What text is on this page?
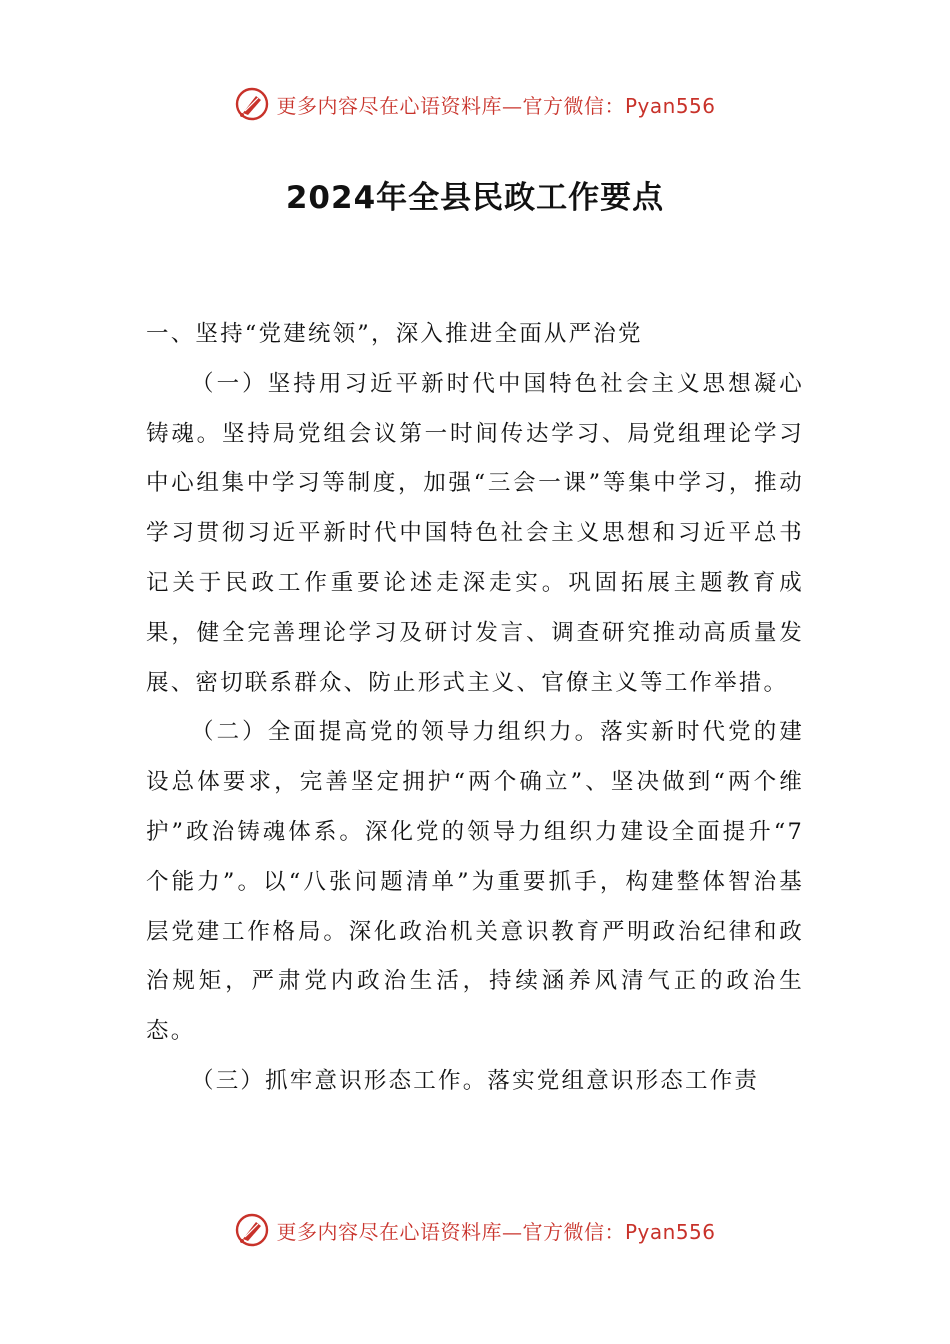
更多内容尽在心语资料库—官方微信：Pyan556
2024年全县民政工作要点

一、坚持“党建统领”，深入推进全面从严治党

（一）坚持用习近平新时代中国特色社会主义思想凝心铸魂。坚持局党组会议第一时间传达学习、局党组理论学习中心组集中学习等制度，加强“三会一课”等集中学习，推动学习贯彻习近平新时代中国特色社会主义思想和习近平总书记关于民政工作重要论述走深走实。巩固拓展主题教育成果，健全完善理论学习及研讨发言、调查研究推动高质量发展、密切联系群众、防止形式主义、官僚主义等工作举措。

（二）全面提高党的领导力组织力。落实新时代党的建设总体要求，完善坚定拥护“两个确立”、坚决做到“两个维护”政治铸魂体系。深化党的领导力组织力建设全面提升“7个能力”。以“八张问题清单”为重要抓手，构建整体智治基层党建工作格局。深化政治机关意识教育严明政治纪律和政治规矩，严肃党内政治生活，持续涵养风清气正的政治生态。

（三）抓牢意识形态工作。落实党组意识形态工作责

更多内容尽在心语资料库—官方微信：Pyan556
